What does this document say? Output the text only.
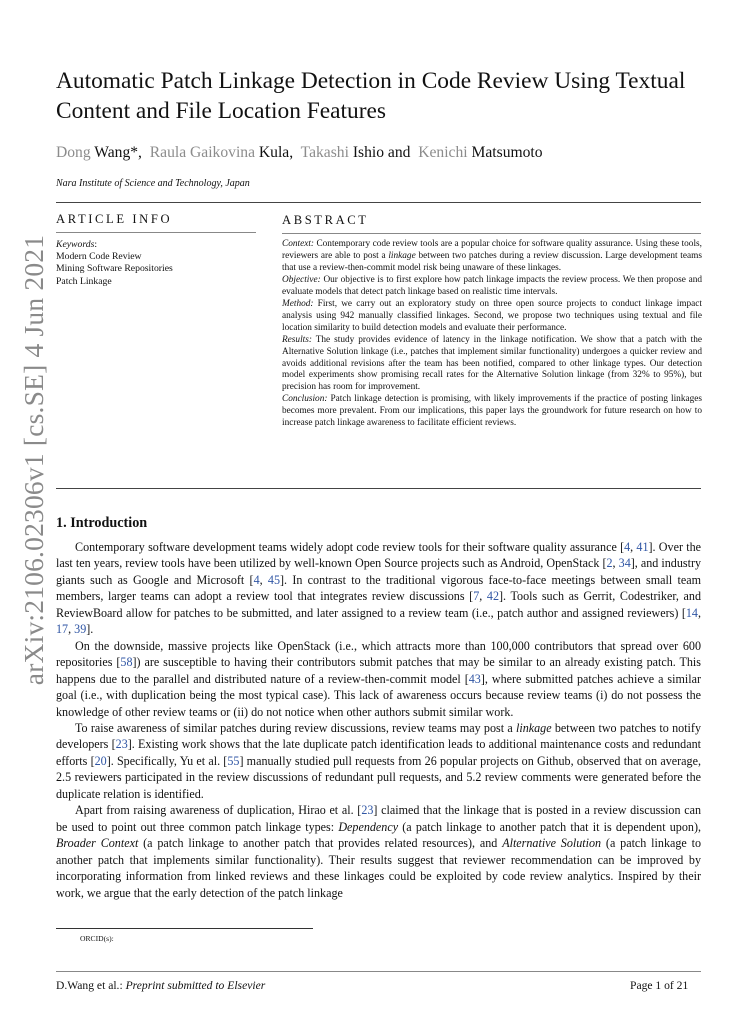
arXiv:2106.02306v1 [cs.SE] 4 Jun 2021
Automatic Patch Linkage Detection in Code Review Using Textual Content and File Location Features
Dong Wang*, Raula Gaikovina Kula, Takashi Ishio and Kenichi Matsumoto
Nara Institute of Science and Technology, Japan
ARTICLE INFO	ABSTRACT
Keywords:
Modern Code Review
Mining Software Repositories
Patch Linkage

Context: Contemporary code review tools are a popular choice for software quality assurance. Using these tools, reviewers are able to post a linkage between two patches during a review discussion. Large development teams that use a review-then-commit model risk being unaware of these linkages.

Objective: Our objective is to first explore how patch linkage impacts the review process. We then propose and evaluate models that detect patch linkage based on realistic time intervals.

Method: First, we carry out an exploratory study on three open source projects to conduct linkage impact analysis using 942 manually classified linkages. Second, we propose two techniques using textual and file location similarity to build detection models and evaluate their performance.

Results: The study provides evidence of latency in the linkage notification. We show that a patch with the Alternative Solution linkage (i.e., patches that implement similar functionality) undergoes a quicker review and avoids additional revisions after the team has been notified, compared to other linkage types. Our detection model experiments show promising recall rates for the Alternative Solution linkage (from 32% to 95%), but precision has room for improvement.

Conclusion: Patch linkage detection is promising, with likely improvements if the practice of posting linkages becomes more prevalent. From our implications, this paper lays the groundwork for future research on how to increase patch linkage awareness to facilitate efficient reviews.

1. Introduction

Contemporary software development teams widely adopt code review tools for their software quality assurance [4, 41]. Over the last ten years, review tools have been utilized by well-known Open Source projects such as Android, OpenStack [2, 34], and industry giants such as Google and Microsoft [4, 45]. In contrast to the traditional vigorous face-to-face meetings between small team members, larger teams can adopt a review tool that integrates review discussions [7, 42]. Tools such as Gerrit, Codestriker, and ReviewBoard allow for patches to be submitted, and later assigned to a review team (i.e., patch author and assigned reviewers) [14, 17, 39].

On the downside, massive projects like OpenStack (i.e., which attracts more than 100,000 contributors that spread over 600 repositories [58]) are susceptible to having their contributors submit patches that may be similar to an already existing patch. This happens due to the parallel and distributed nature of a review-then-commit model [43], where submitted patches achieve a similar goal (i.e., with duplication being the most typical case). This lack of awareness occurs because review teams (i) do not possess the knowledge of other review teams or (ii) do not notice when other authors submit similar work.

To raise awareness of similar patches during review discussions, review teams may post a linkage between two patches to notify developers [23]. Existing work shows that the late duplicate patch identification leads to additional maintenance costs and redundant efforts [20]. Specifically, Yu et al. [55] manually studied pull requests from 26 popular projects on Github, observed that on average, 2.5 reviewers participated in the review discussions of redundant pull requests, and 5.2 review comments were generated before the duplicate relation is identified.

Apart from raising awareness of duplication, Hirao et al. [23] claimed that the linkage that is posted in a review discussion can be used to point out three common patch linkage types: Dependency (a patch linkage to another patch that it is dependent upon), Broader Context (a patch linkage to another patch that provides related resources), and Alternative Solution (a patch linkage to another patch that implements similar functionality). Their results suggest that reviewer recommendation can be improved by incorporating information from linked reviews and these linkages could be exploited by code review analytics. Inspired by their work, we argue that the early detection of the patch linkage

ORCID(s):
D.Wang et al.: Preprint submitted to Elsevier	Page 1 of 21
